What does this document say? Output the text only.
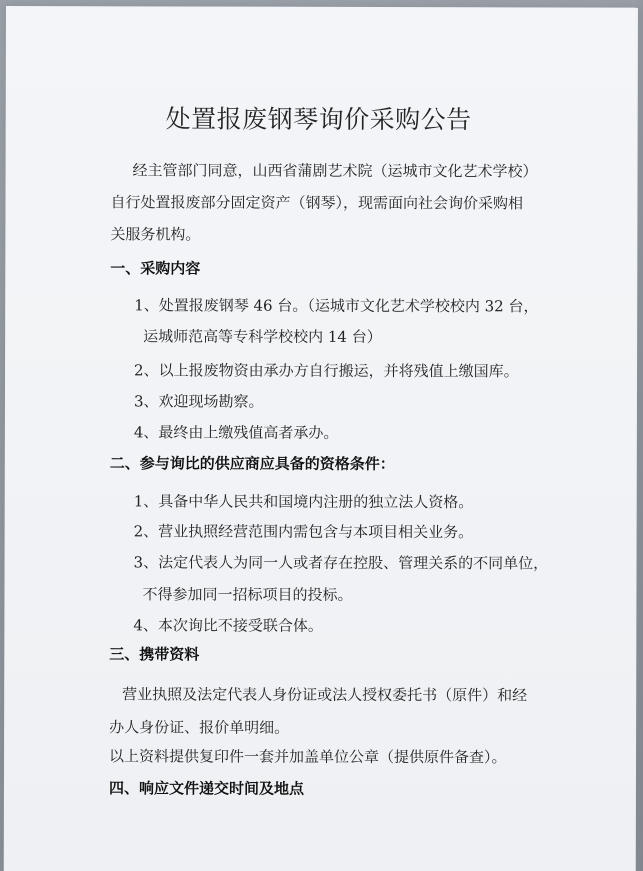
处置报废钢琴询价采购公告
经主管部门同意，山西省蒲剧艺术院（运城市文化艺术学校）
自行处置报废部分固定资产（钢琴），现需面向社会询价采购相
关服务机构。
一、采购内容
1、处置报废钢琴 46 台。（运城市文化艺术学校校内 32 台，
运城师范高等专科学校校内 14 台）
2、以上报废物资由承办方自行搬运，并将残值上缴国库。
3、欢迎现场勘察。
4、最终由上缴残值高者承办。
二、参与询比的供应商应具备的资格条件：
1、具备中华人民共和国境内注册的独立法人资格。
2、营业执照经营范围内需包含与本项目相关业务。
3、法定代表人为同一人或者存在控股、管理关系的不同单位，
不得参加同一招标项目的投标。
4、本次询比不接受联合体。
三、携带资料
营业执照及法定代表人身份证或法人授权委托书（原件）和经
办人身份证、报价单明细。
以上资料提供复印件一套并加盖单位公章（提供原件备查）。
四、响应文件递交时间及地点
